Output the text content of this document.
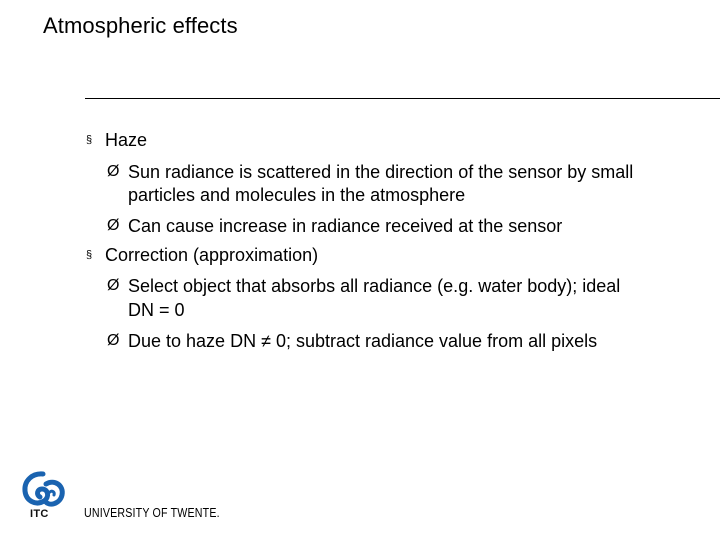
Atmospheric effects
§ Haze
Ø Sun radiance is scattered in the direction of the sensor by small
particles and molecules in the atmosphere
Ø Can cause increase in radiance received at the sensor
§ Correction (approximation)
Ø Select object that absorbs all radiance (e.g. water body); ideal
DN = 0
Ø Due to haze DN ≠ 0; subtract radiance value from all pixels
ITC	UNIVERSITY OF TWENTE.
